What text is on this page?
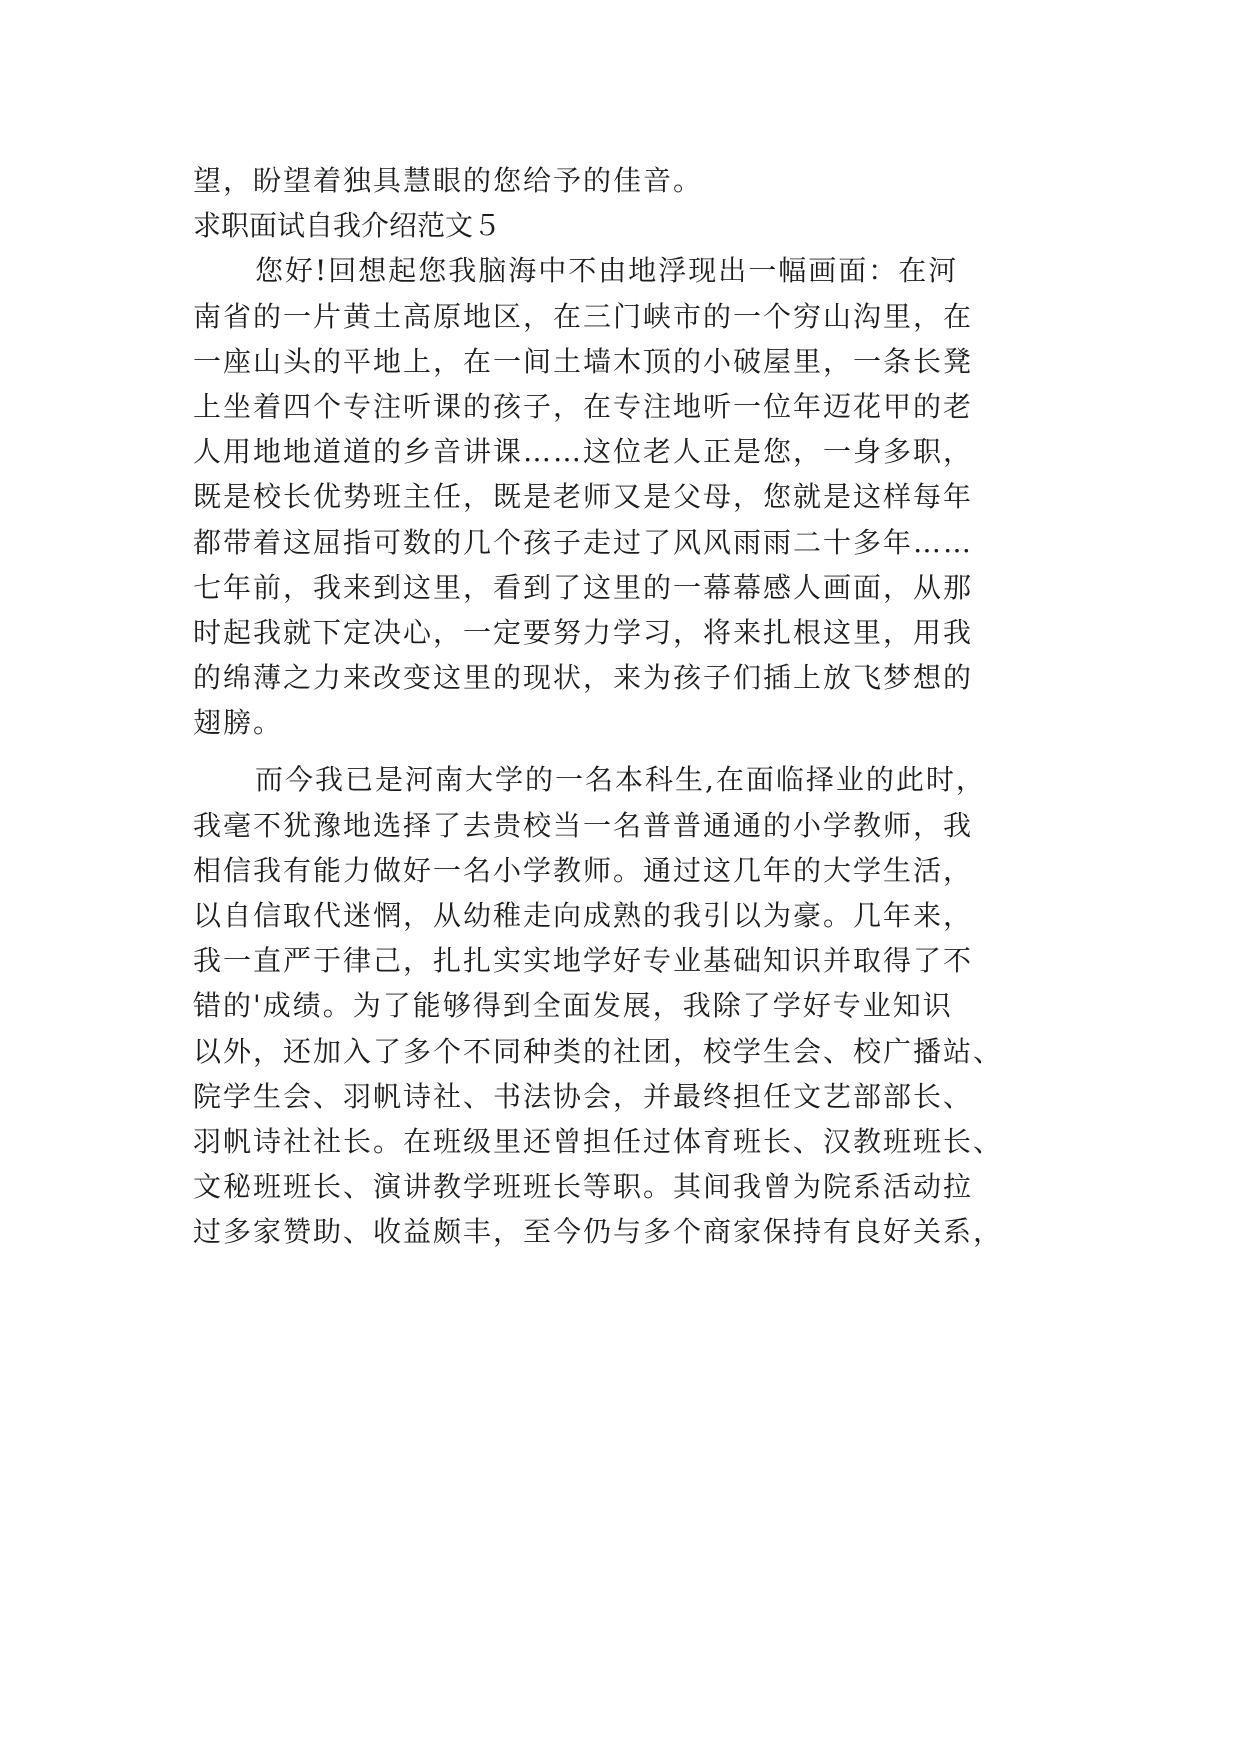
望，盼望着独具慧眼的您给予的佳音。

求职面试自我介绍范文５

您好!回想起您我脑海中不由地浮现出一幅画面：在河

南省的一片黄土高原地区，在三门峡市的一个穷山沟里，在

一座山头的平地上，在一间土墙木顶的小破屋里，一条长凳

上坐着四个专注听课的孩子，在专注地听一位年迈花甲的老

人用地地道道的乡音讲课……这位老人正是您，一身多职，

既是校长优势班主任，既是老师又是父母，您就是这样每年

都带着这屈指可数的几个孩子走过了风风雨雨二十多年……

七年前，我来到这里，看到了这里的一幕幕感人画面，从那

时起我就下定决心，一定要努力学习，将来扎根这里，用我

的绵薄之力来改变这里的现状，来为孩子们插上放飞梦想的

翅膀。

而今我已是河南大学的一名本科生,在面临择业的此时，

我毫不犹豫地选择了去贵校当一名普普通通的小学教师，我

相信我有能力做好一名小学教师。通过这几年的大学生活，

以自信取代迷惘，从幼稚走向成熟的我引以为豪。几年来，

我一直严于律己，扎扎实实地学好专业基础知识并取得了不

错的'成绩。为了能够得到全面发展，我除了学好专业知识

以外，还加入了多个不同种类的社团，校学生会、校广播站、

院学生会、羽帆诗社、书法协会，并最终担任文艺部部长、

羽帆诗社社长。在班级里还曾担任过体育班长、汉教班班长、

文秘班班长、演讲教学班班长等职。其间我曾为院系活动拉

过多家赞助、收益颇丰，至今仍与多个商家保持有良好关系，
